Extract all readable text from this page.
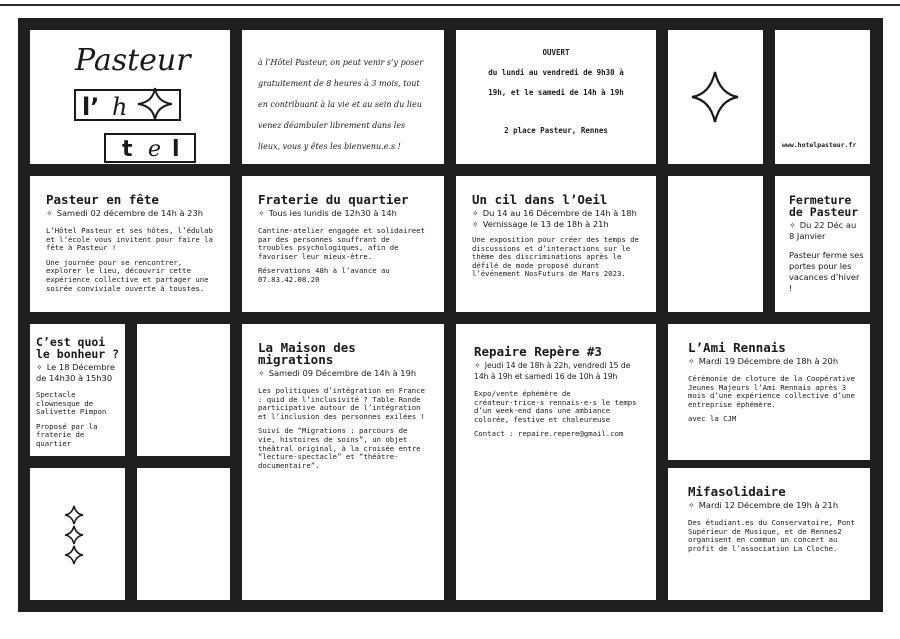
Pasteur
l’ h
t e l
à l’Hôtel Pasteur, on peut venir s’y poser gratuitement de 8 heures à 3 mois, tout en contribuant à la vie et au sein du lieu venez déambuler librement dans les lieux, vous y êtes les bienvenu.e.s !
OUVERT
du lundi au vendredi de 9h30 à
19h, et le samedi de 14h à 19h
2 place Pasteur, Rennes
www.hotelpasteur.fr

Pasteur en fête

✧ Samedi 02 décembre de 14h à 23h

L’Hôtel Pasteur et ses hôtes, l’édulab et l’école vous invitent pour faire la fête à Pasteur !

Une journée pour se rencontrer, explorer le lieu, découvrir cette expérience collective et partager une soirée conviviale ouverte à toustes.

Fraterie du quartier

✧ Tous les lundis de 12h30 à 14h

Cantine-atelier engagée et solidaireet par des personnes souffrant de troubles psychologiques, afin de favoriser leur mieux-être.

Réservations 48h à l’avance au 07.83.42.08.20

Un cil dans l’Oeil

✧ Du 14 au 16 Décembre de 14h à 18h

✧ Vernissage le 13 de 18h à 21h

Une exposition pour créer des temps de discussions et d’interactions sur le thème des discriminations après le défilé de mode proposé durant l’événement NosFuturs de Mars 2023.

Fermeture

de Pasteur

✧ Du 22 Déc au 8 Janvier

Pasteur ferme ses portes pour les vacances d’hiver !

C’est quoi

le bonheur ?

✧ Le 18 Décembre de 14h30 à 15h30

Spectacle clownesque de Salivette Pimpon

Proposé par la fraterie de quartier

La Maison des migrations

✧ Samedi 09 Décembre de 14h à 19h

Les politiques d’intégration en France : quid de l’inclusivité ? Table Ronde participative autour de l’intégration et l’inclusion des personnes exilées !

Suivi de “Migrations : parcours de vie, histoires de soins”, un objet théâtral original, à la croisée entre “lecture-spectacle” et “théâtre-documentaire”.

Repaire Repère #3

✧ Jeudi 14 de 18h à 22h, vendredi 15 de 14h à 19h et samedi 16 de 10h à 19h

Expo/vente éphémère de créateur·trice·s rennais·e·s le temps d’un week-end dans une ambiance colorée, festive et chaleureuse

Contact : repaire.repere@gmail.com

L’Ami Rennais

✧ Mardi 19 Décembre de 18h à 20h

Cérémonie de cloture de la Coopérative Jeunes Majeurs l’Ami Rennais après 3 mois d’une expérience collective d’une entreprise éphémère.

avec la CJM

Mifasolidaire

✧ Mardi 12 Décembre de 19h à 21h

Des étudiant.es du Conservatoire, Pont Supérieur de Musique, et de Rennes2 organisent en commun un concert au profit de l’association La Cloche.
